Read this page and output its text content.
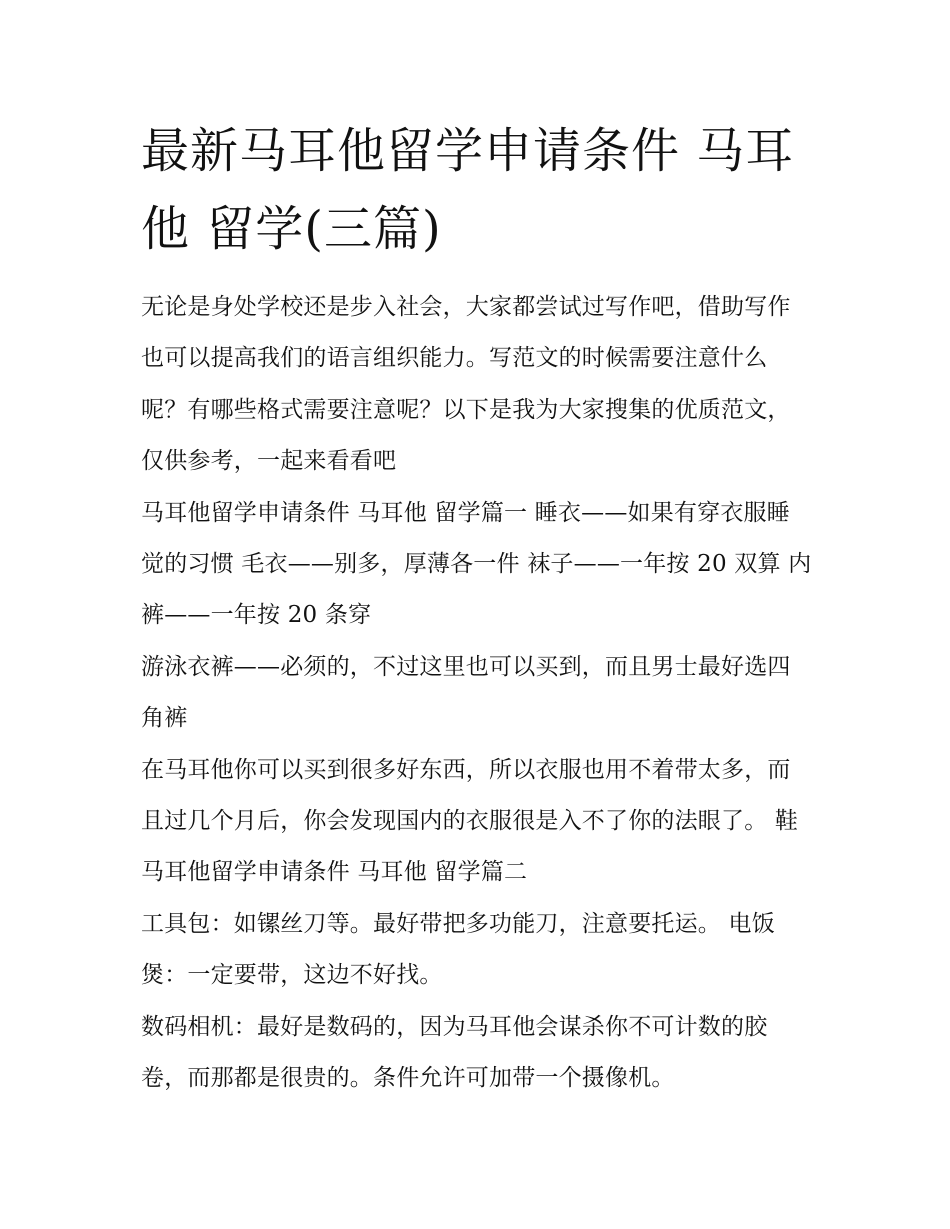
最新马耳他留学申请条件 马耳他 留学(三篇)

无论是身处学校还是步入社会，大家都尝试过写作吧，借助写作也可以提高我们的语言组织能力。写范文的时候需要注意什么呢？有哪些格式需要注意呢？以下是我为大家搜集的优质范文，仅供参考，一起来看看吧

马耳他留学申请条件 马耳他 留学篇一 睡衣——如果有穿衣服睡觉的习惯 毛衣——别多，厚薄各一件 袜子——一年按 20 双算 内裤——一年按 20 条穿

游泳衣裤——必须的，不过这里也可以买到，而且男士最好选四角裤

在马耳他你可以买到很多好东西，所以衣服也用不着带太多，而且过几个月后，你会发现国内的衣服很是入不了你的法眼了。 鞋 马耳他留学申请条件 马耳他 留学篇二

工具包：如镙丝刀等。最好带把多功能刀，注意要托运。 电饭煲：一定要带，这边不好找。

数码相机：最好是数码的，因为马耳他会谋杀你不可计数的胶卷，而那都是很贵的。条件允许可加带一个摄像机。
